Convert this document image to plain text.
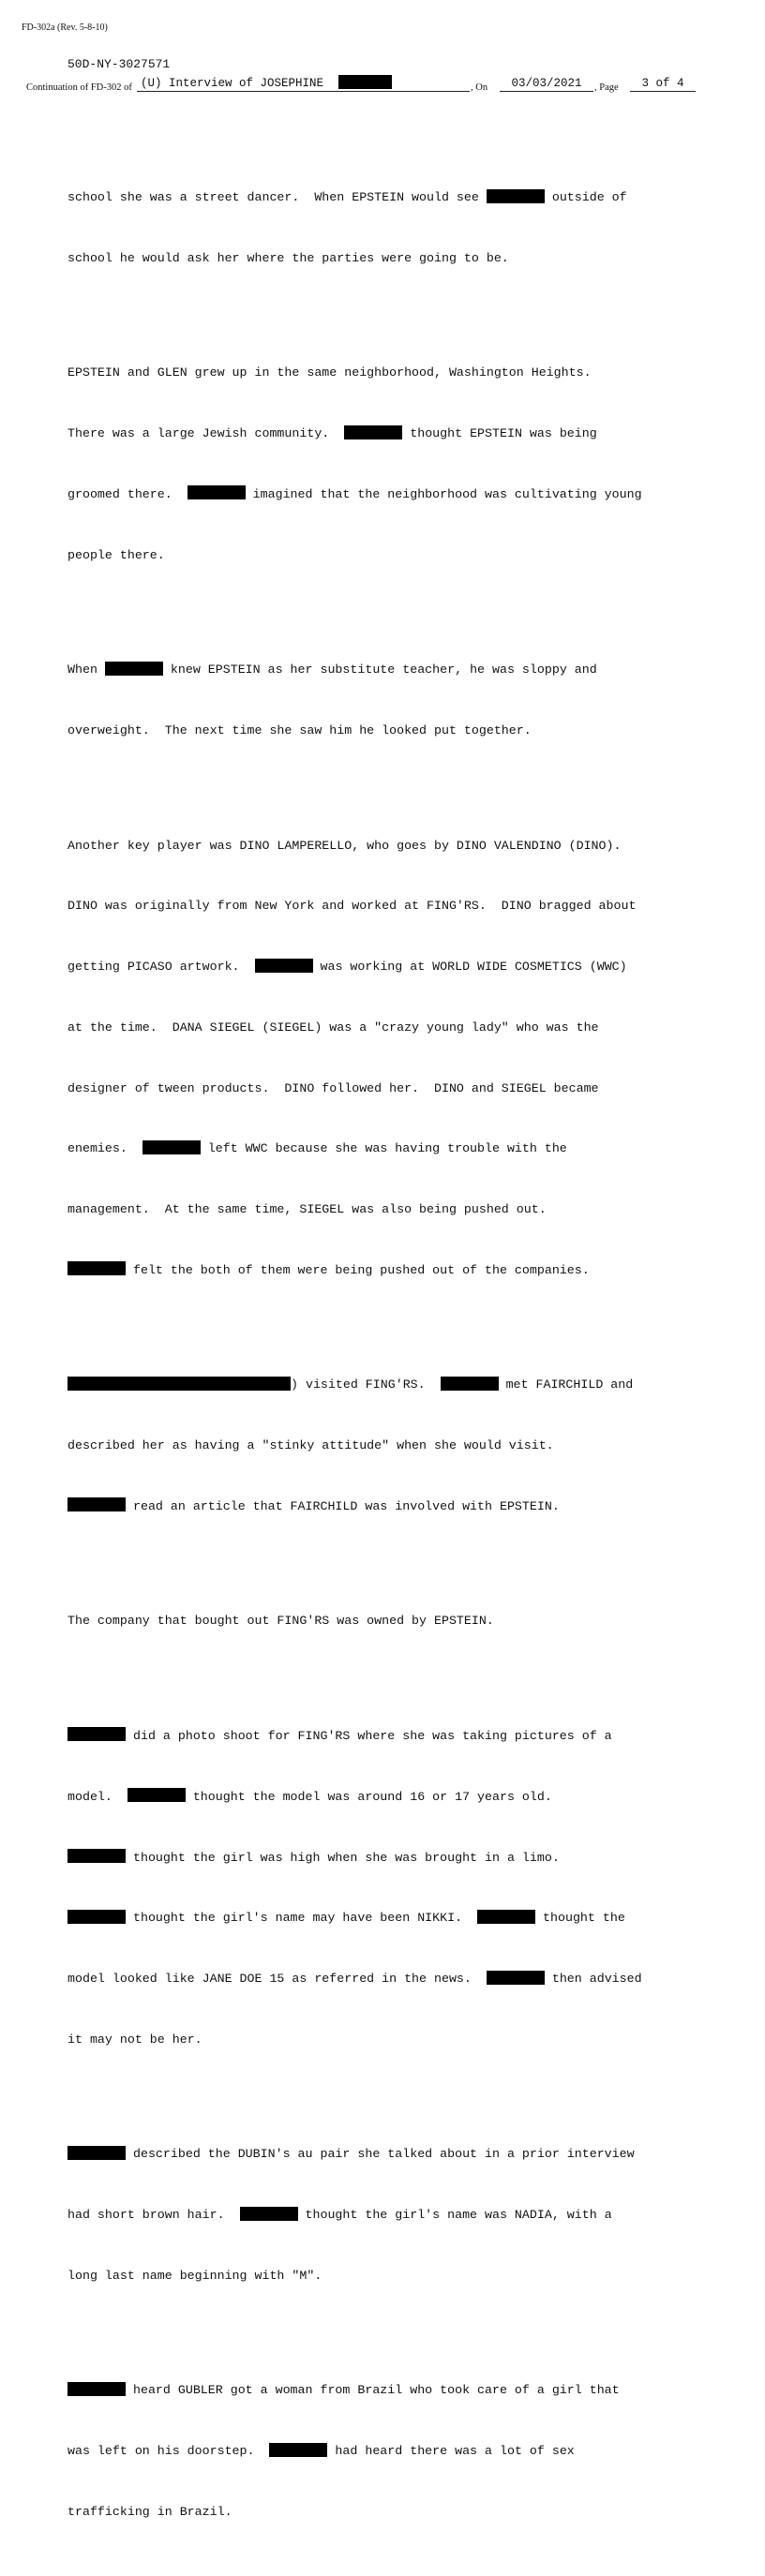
FD-302a (Rev. 5-8-10)
50D-NY-3027571
Continuation of FD-302 of (U) Interview of JOSEPHINE	, On	03/03/2021	, Page	3 of 4

school she was a street dancer.  When EPSTEIN would see	outside of

school he would ask her where the parties were going to be.

EPSTEIN and GLEN grew up in the same neighborhood, Washington Heights.

There was a large Jewish community.	thought EPSTEIN was being

groomed there.	imagined that the neighborhood was cultivating young

people there.

When	knew EPSTEIN as her substitute teacher, he was sloppy and

overweight.  The next time she saw him he looked put together.

Another key player was DINO LAMPERELLO, who goes by DINO VALENDINO (DINO).

DINO was originally from New York and worked at FING'RS.  DINO bragged about

getting PICASO artwork.	was working at WORLD WIDE COSMETICS (WWC)

at the time.  DANA SIEGEL (SIEGEL) was a "crazy young lady" who was the

designer of tween products.  DINO followed her.  DINO and SIEGEL became

enemies.	left WWC because she was having trouble with the

management.  At the same time, SIEGEL was also being pushed out.

felt the both of them were being pushed out of the companies.

) visited FING'RS.	met FAIRCHILD and

described her as having a "stinky attitude" when she would visit.

read an article that FAIRCHILD was involved with EPSTEIN.

The company that bought out FING'RS was owned by EPSTEIN.

did a photo shoot for FING'RS where she was taking pictures of a

model.	thought the model was around 16 or 17 years old.

thought the girl was high when she was brought in a limo.

thought the girl's name may have been NIKKI.	thought the

model looked like JANE DOE 15 as referred in the news.	then advised

it may not be her.

described the DUBIN's au pair she talked about in a prior interview

had short brown hair.	thought the girl's name was NADIA, with a

long last name beginning with "M".

heard GUBLER got a woman from Brazil who took care of a girl that

was left on his doorstep.	had heard there was a lot of sex

trafficking in Brazil.
